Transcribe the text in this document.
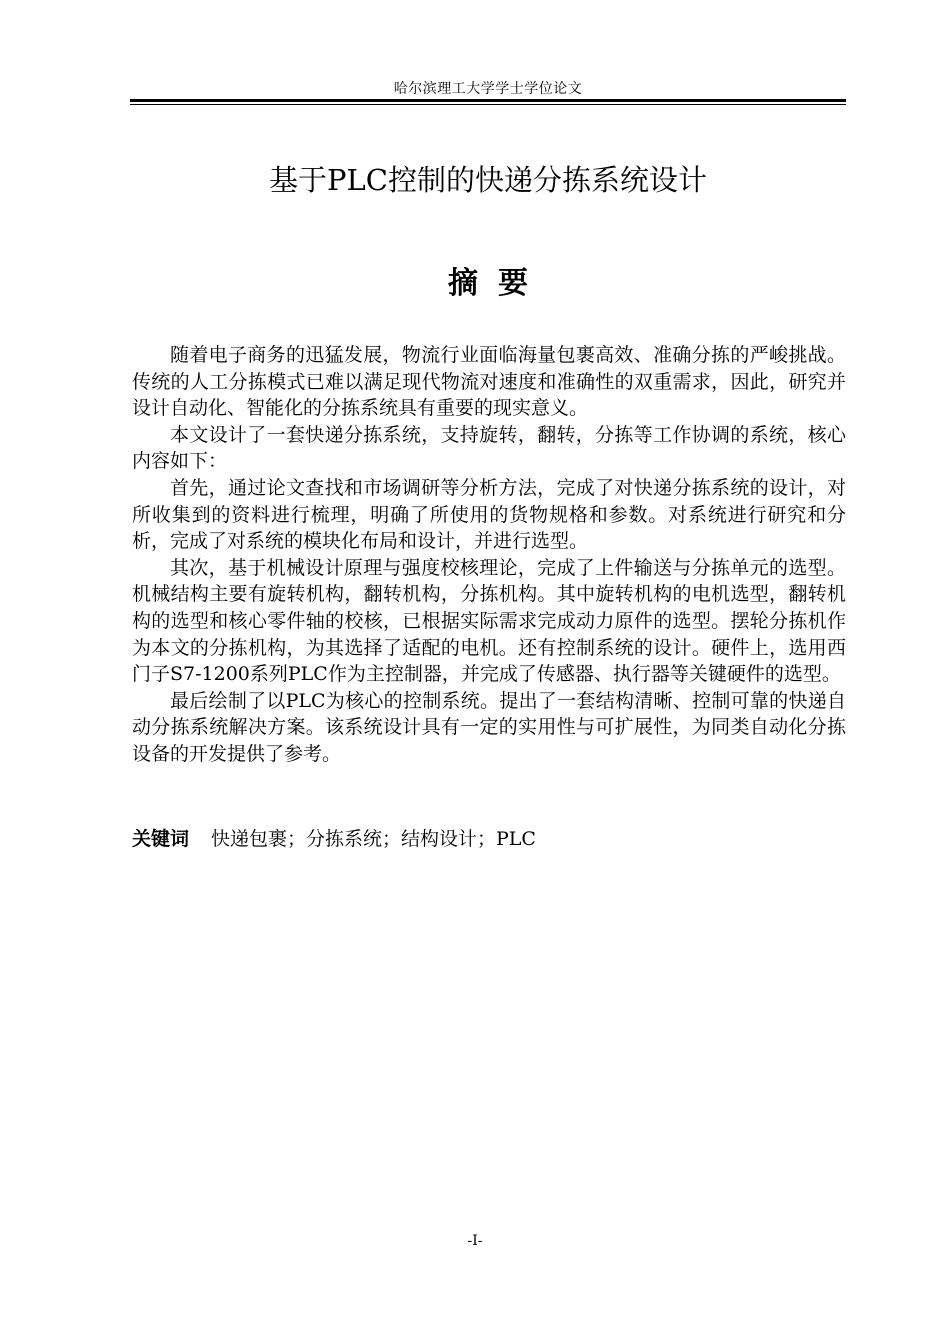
哈尔滨理工大学学士学位论文
基于PLC控制的快递分拣系统设计
摘要

随着电子商务的迅猛发展，物流行业面临海量包裹高效、准确分拣的严峻挑战。传统的人工分拣模式已难以满足现代物流对速度和准确性的双重需求，因此，研究并设计自动化、智能化的分拣系统具有重要的现实意义。

本文设计了一套快递分拣系统，支持旋转，翻转，分拣等工作协调的系统，核心内容如下：

首先，通过论文查找和市场调研等分析方法，完成了对快递分拣系统的设计，对所收集到的资料进行梳理，明确了所使用的货物规格和参数。对系统进行研究和分析，完成了对系统的模块化布局和设计，并进行选型。

其次，基于机械设计原理与强度校核理论，完成了上件输送与分拣单元的选型。机械结构主要有旋转机构，翻转机构，分拣机构。其中旋转机构的电机选型，翻转机构的选型和核心零件轴的校核，已根据实际需求完成动力原件的选型。摆轮分拣机作为本文的分拣机构，为其选择了适配的电机。还有控制系统的设计。硬件上，选用西门子S7-1200系列PLC作为主控制器，并完成了传感器、执行器等关键硬件的选型。

最后绘制了以PLC为核心的控制系统。提出了一套结构清晰、控制可靠的快递自动分拣系统解决方案。该系统设计具有一定的实用性与可扩展性，为同类自动化分拣设备的开发提供了参考。

关键词 快递包裹；分拣系统；结构设计；PLC
-I-
